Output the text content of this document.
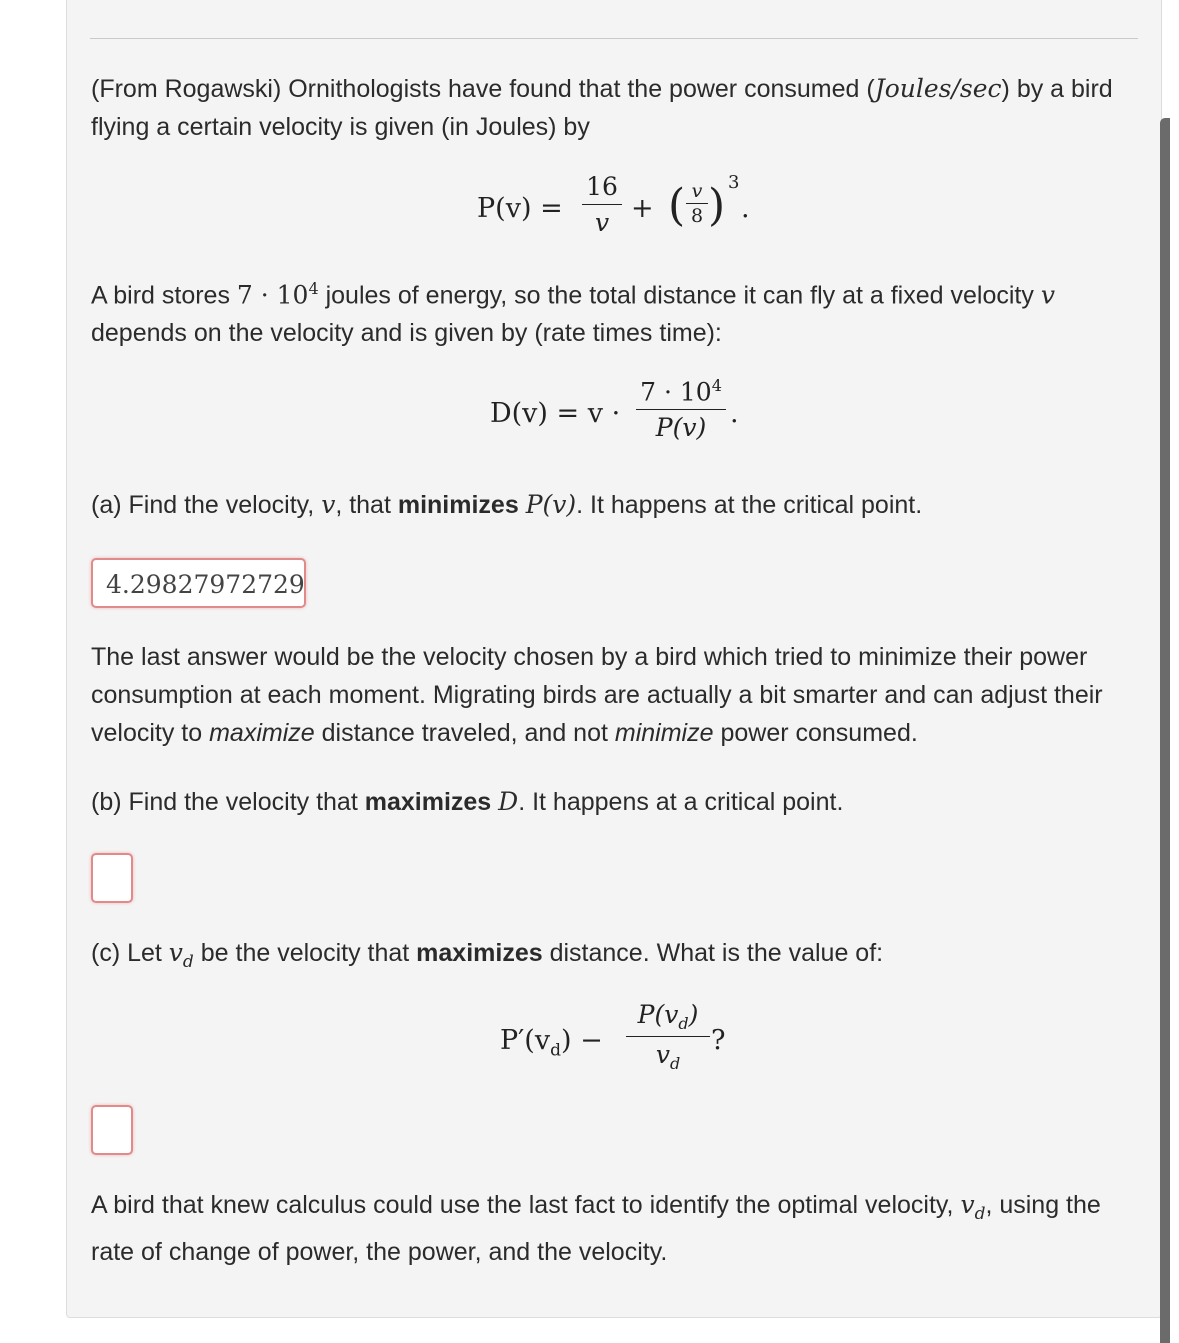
(From Rogawski) Ornithologists have found that the power consumed (Joules/sec) by a bird flying a certain velocity is given (in Joules) by

P(v) =
16
v + ( v
8 ) 3
.

A bird stores $7 \cdot 10^4$ joules of energy, so the total distance it can fly at a fixed velocity v depends on the velocity and is given by (rate times time):

D(v) = v ·
$7 \cdot 10^4$
P(v) .

(a) Find the velocity, v, that minimizes P(v). It happens at the critical point.

4.29827972729

The last answer would be the velocity chosen by a bird which tried to minimize their power consumption at each moment. Migrating birds are actually a bit smarter and can adjust their velocity to maximize distance traveled, and not minimize power consumed.

(b) Find the velocity that maximizes D. It happens at a critical point.

(c) Let $v_d$ be the velocity that maximizes distance. What is the value of:

$P'(v_d)$ −
$P(v_d)$
$v_d$
?

A bird that knew calculus could use the last fact to identify the optimal velocity, $v_d$, using the rate of change of power, the power, and the velocity.
